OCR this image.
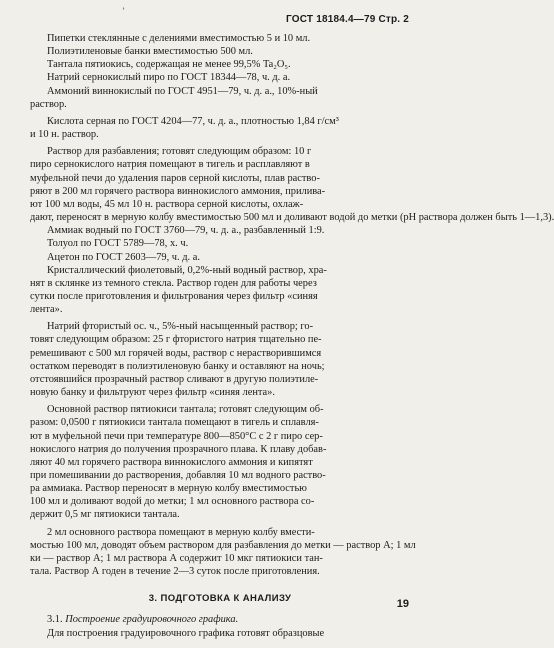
’
ГОСТ 18184.4—79 Стр. 2
Пипетки стеклянные с делениями вместимостью 5 и 10 мл.
Полиэтиленовые банки вместимостью 500 мл.
Тантала пятиокись, содержащая не менее 99,5% Ta₂O₅.
Натрий сернокислый пиро по ГОСТ 18344—78, ч. д. а.
Аммоний виннокислый по ГОСТ 4951—79, ч. д. а., 10%-ный
раствор.
Кислота серная по ГОСТ 4204—77, ч. д. а., плотностью 1,84 г/см³
и 10 н. раствор.
Раствор для разбавления; готовят следующим образом: 10 г
пиро сернокислого натрия помещают в тигель и расплавляют в
муфельной печи до удаления паров серной кислоты, плав раство-
ряют в 200 мл горячего раствора виннокислого аммония, прилива-
ют 100 мл воды, 45 мл 10 н. раствора серной кислоты, охлаж-
дают, переносят в мерную колбу вместимостью 500 мл и доливают водой до метки (pH раствора должен быть 1—1,3).
Аммиак водный по ГОСТ 3760—79, ч. д. а., разбавленный 1:9.
Толуол по ГОСТ 5789—78, х. ч.
Ацетон по ГОСТ 2603—79, ч. д. а.
Кристаллический фиолетовый, 0,2%-ный водный раствор, хра-
нят в склянке из темного стекла. Раствор годен для работы через
сутки после приготовления и фильтрования через фильтр «синяя
лента».
Натрий фтористый ос. ч., 5%-ный насыщенный раствор; го-
товят следующим образом: 25 г фтористого натрия тщательно пе-
ремешивают с 500 мл горячей воды, раствор с нерастворившимся
остатком переводят в полиэтиленовую банку и оставляют на ночь;
отстоявшийся прозрачный раствор сливают в другую полиэтиле-
новую банку и фильтруют через фильтр «синяя лента».
Основной раствор пятиокиси тантала; готовят следующим об-
разом: 0,0500 г пятиокиси тантала помещают в тигель и сплавля-
ют в муфельной печи при температуре 800—850°С с 2 г пиро сер-
нокислого натрия до получения прозрачного плава. К плаву добав-
ляют 40 мл горячего раствора виннокислого аммония и кипятят
при помешивании до растворения, добавляя 10 мл водного раство-
ра аммиака. Раствор переносят в мерную колбу вместимостью
100 мл и доливают водой до метки; 1 мл основного раствора со-
держит 0,5 мг пятиокиси тантала.
2 мл основного раствора помещают в мерную колбу вмести-
мостью 100 мл, доводят объем раствором для разбавления до метки — раствор А; 1 мл
ки — раствор А; 1 мл раствора А содержит 10 мкг пятиокиси тан-
тала. Раствор А годен в течение 2—3 суток после приготовления.
3. ПОДГОТОВКА К АНАЛИЗУ
3.1. Построение градуировочного графика.
Для построения градуировочного графика готовят образцовые
19
